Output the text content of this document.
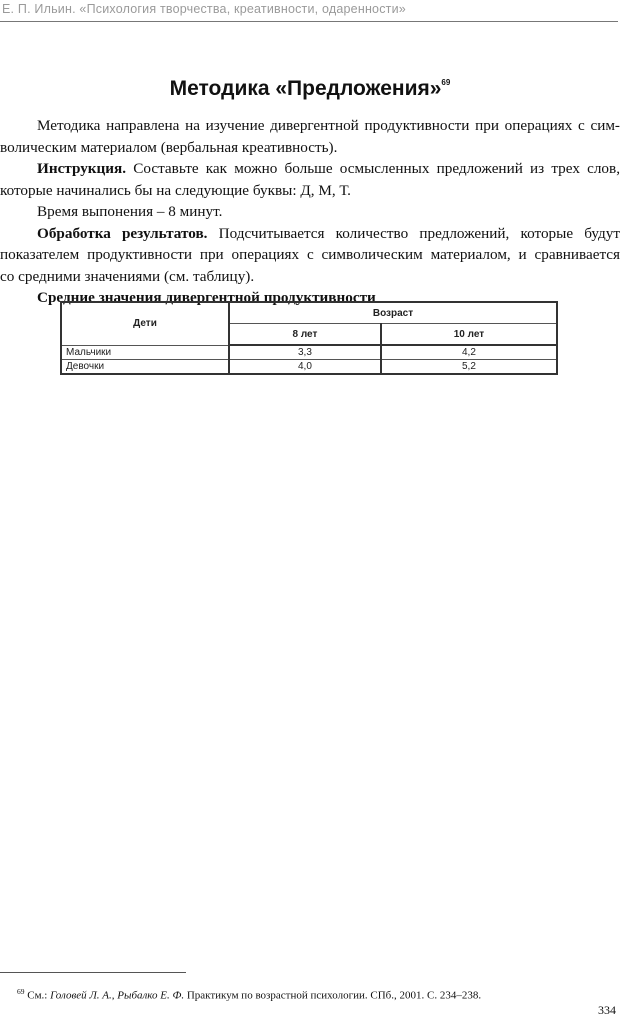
Е. П. Ильин. «Психология творчества, креативности, одаренности»
Методика «Предложения»$^{69}$
Методика направлена на изучение дивергентной продуктивности при операциях с сим-
волическим материалом (вербальная креативность).
Инструкция. Составьте как можно больше осмысленных предложений из трех слов,
которые начинались бы на следующие буквы: Д, М, Т.
Время выпонения – 8 минут.
Обработка результатов. Подсчитывается количество предложений, которые будут
показателем продуктивности при операциях с символическим материалом, и сравнивается
со средними значениями (см. таблицу).
Средние значения дивергентной продуктивности
Дети	Возраст	
	8 лет	10 лет
Мальчики	3,3	4,2
Девочки	4,0	5,2
$^{69}$ См.: Головей Л. А., Рыбалко Е. Ф. Практикум по возрастной психологии. СПб., 2001. С. 234–238.
334
